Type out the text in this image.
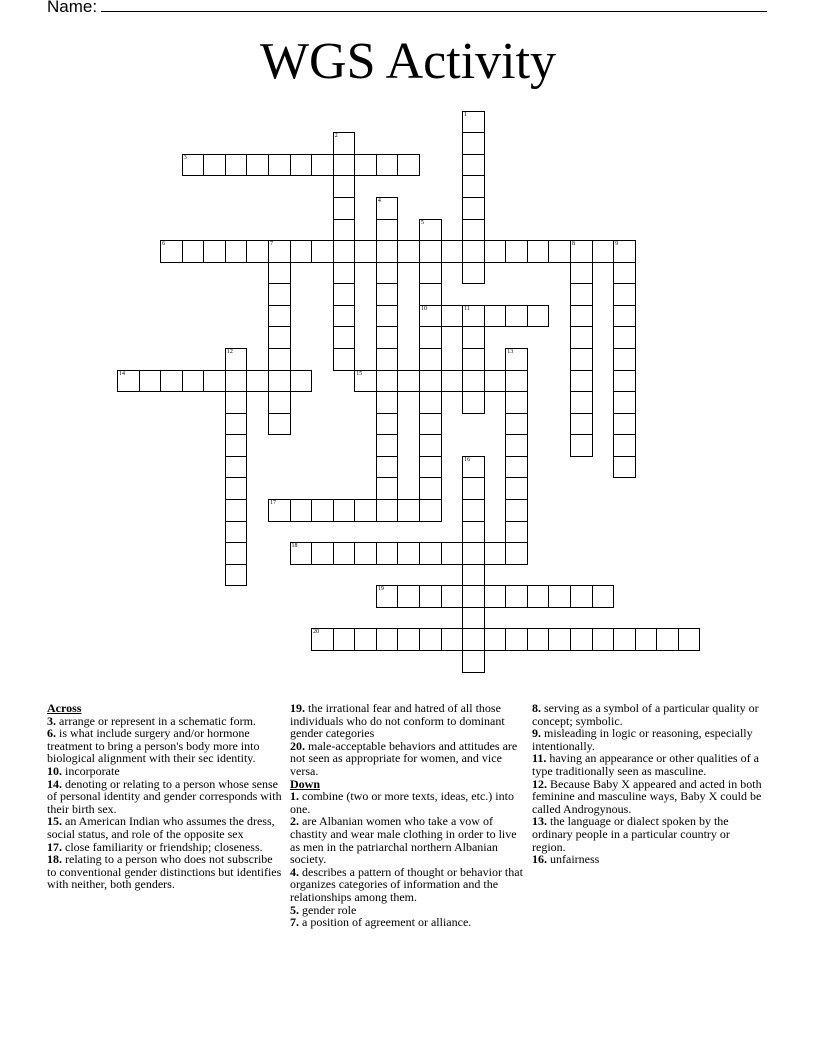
Name:
WGS Activity
1
2
3
4
5
10
6	7	8	9
11
12	13
14	15
16
17
18
19
20
Across
3. arrange or represent in a schematic form.
6. is what include surgery and/or hormone treatment to bring a person's body more into biological alignment with their sec identity.
10. incorporate
14. denoting or relating to a person whose sense of personal identity and gender corresponds with their birth sex.
15. an American Indian who assumes the dress, social status, and role of the opposite sex
17. close familiarity or friendship; closeness.
18. relating to a person who does not subscribe to conventional gender distinctions but identifies with neither, both genders.
19. the irrational fear and hatred of all those individuals who do not conform to dominant gender categories
20. male-acceptable behaviors and attitudes are not seen as appropriate for women, and vice versa.
Down
1. combine (two or more texts, ideas, etc.) into one.
2. are Albanian women who take a vow of chastity and wear male clothing in order to live as men in the patriarchal northern Albanian society.
4. describes a pattern of thought or behavior that organizes categories of information and the relationships among them.
5. gender role
7. a position of agreement or alliance.
8. serving as a symbol of a particular quality or concept; symbolic.
9. misleading in logic or reasoning, especially intentionally.
11. having an appearance or other qualities of a type traditionally seen as masculine.
12. Because Baby X appeared and acted in both feminine and masculine ways, Baby X could be called Androgynous.
13. the language or dialect spoken by the ordinary people in a particular country or region.
16. unfairness
